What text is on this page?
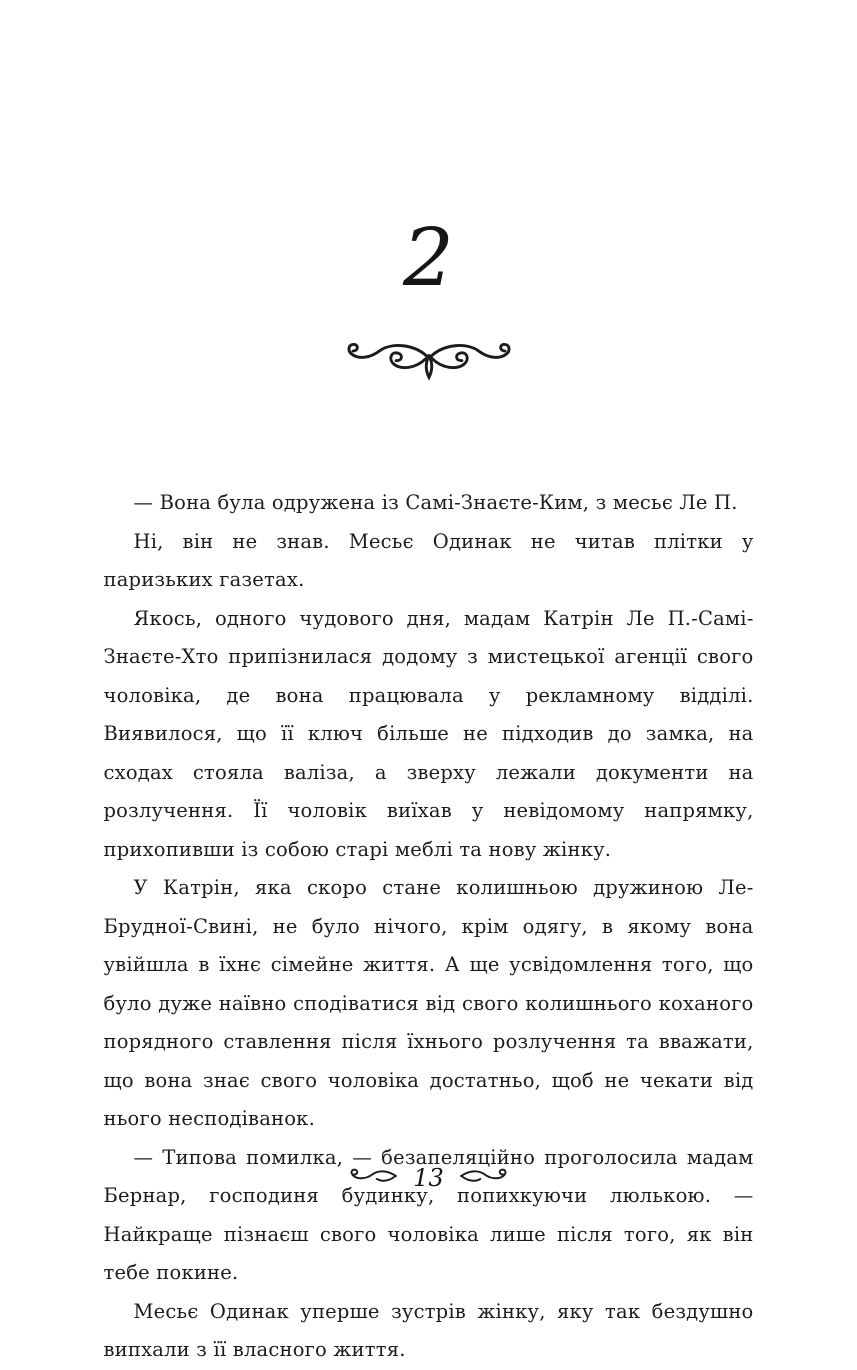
2

— Вона була одружена із Самі-Знаєте-Ким, з месьє Ле П.

Ні, він не знав. Месьє Одинак не читав плітки у паризьких газетах.

Якось, одного чудового дня, мадам Катрін Ле П.-Самі-Знаєте-Хто припізнилася додому з мистецької агенції свого чоловіка, де вона працювала у рекламному відділі. Виявилося, що її ключ більше не підходив до замка, на сходах стояла валіза, а зверху лежали документи на розлучення. Її чоловік виїхав у невідомому напрямку, прихопивши із собою старі меблі та нову жінку.

У Катрін, яка скоро стане колишньою дружиною Ле-Брудної-Свині, не було нічого, крім одягу, в якому вона увійшла в їхнє сімейне життя. А ще усвідомлення того, що було дуже наївно сподіватися від свого колишнього коханого порядного ставлення після їхнього розлучення та вважати, що вона знає свого чоловіка достатньо, щоб не чекати від нього несподіванок.

— Типова помилка, — безапеляційно проголосила мадам Бернар, господиня будинку, попихкуючи люлькою. — Найкраще пізнаєш свого чоловіка лише після того, як він тебе покине.

Месьє Одинак уперше зустрів жінку, яку так бездушно випхали з її власного життя.

13
